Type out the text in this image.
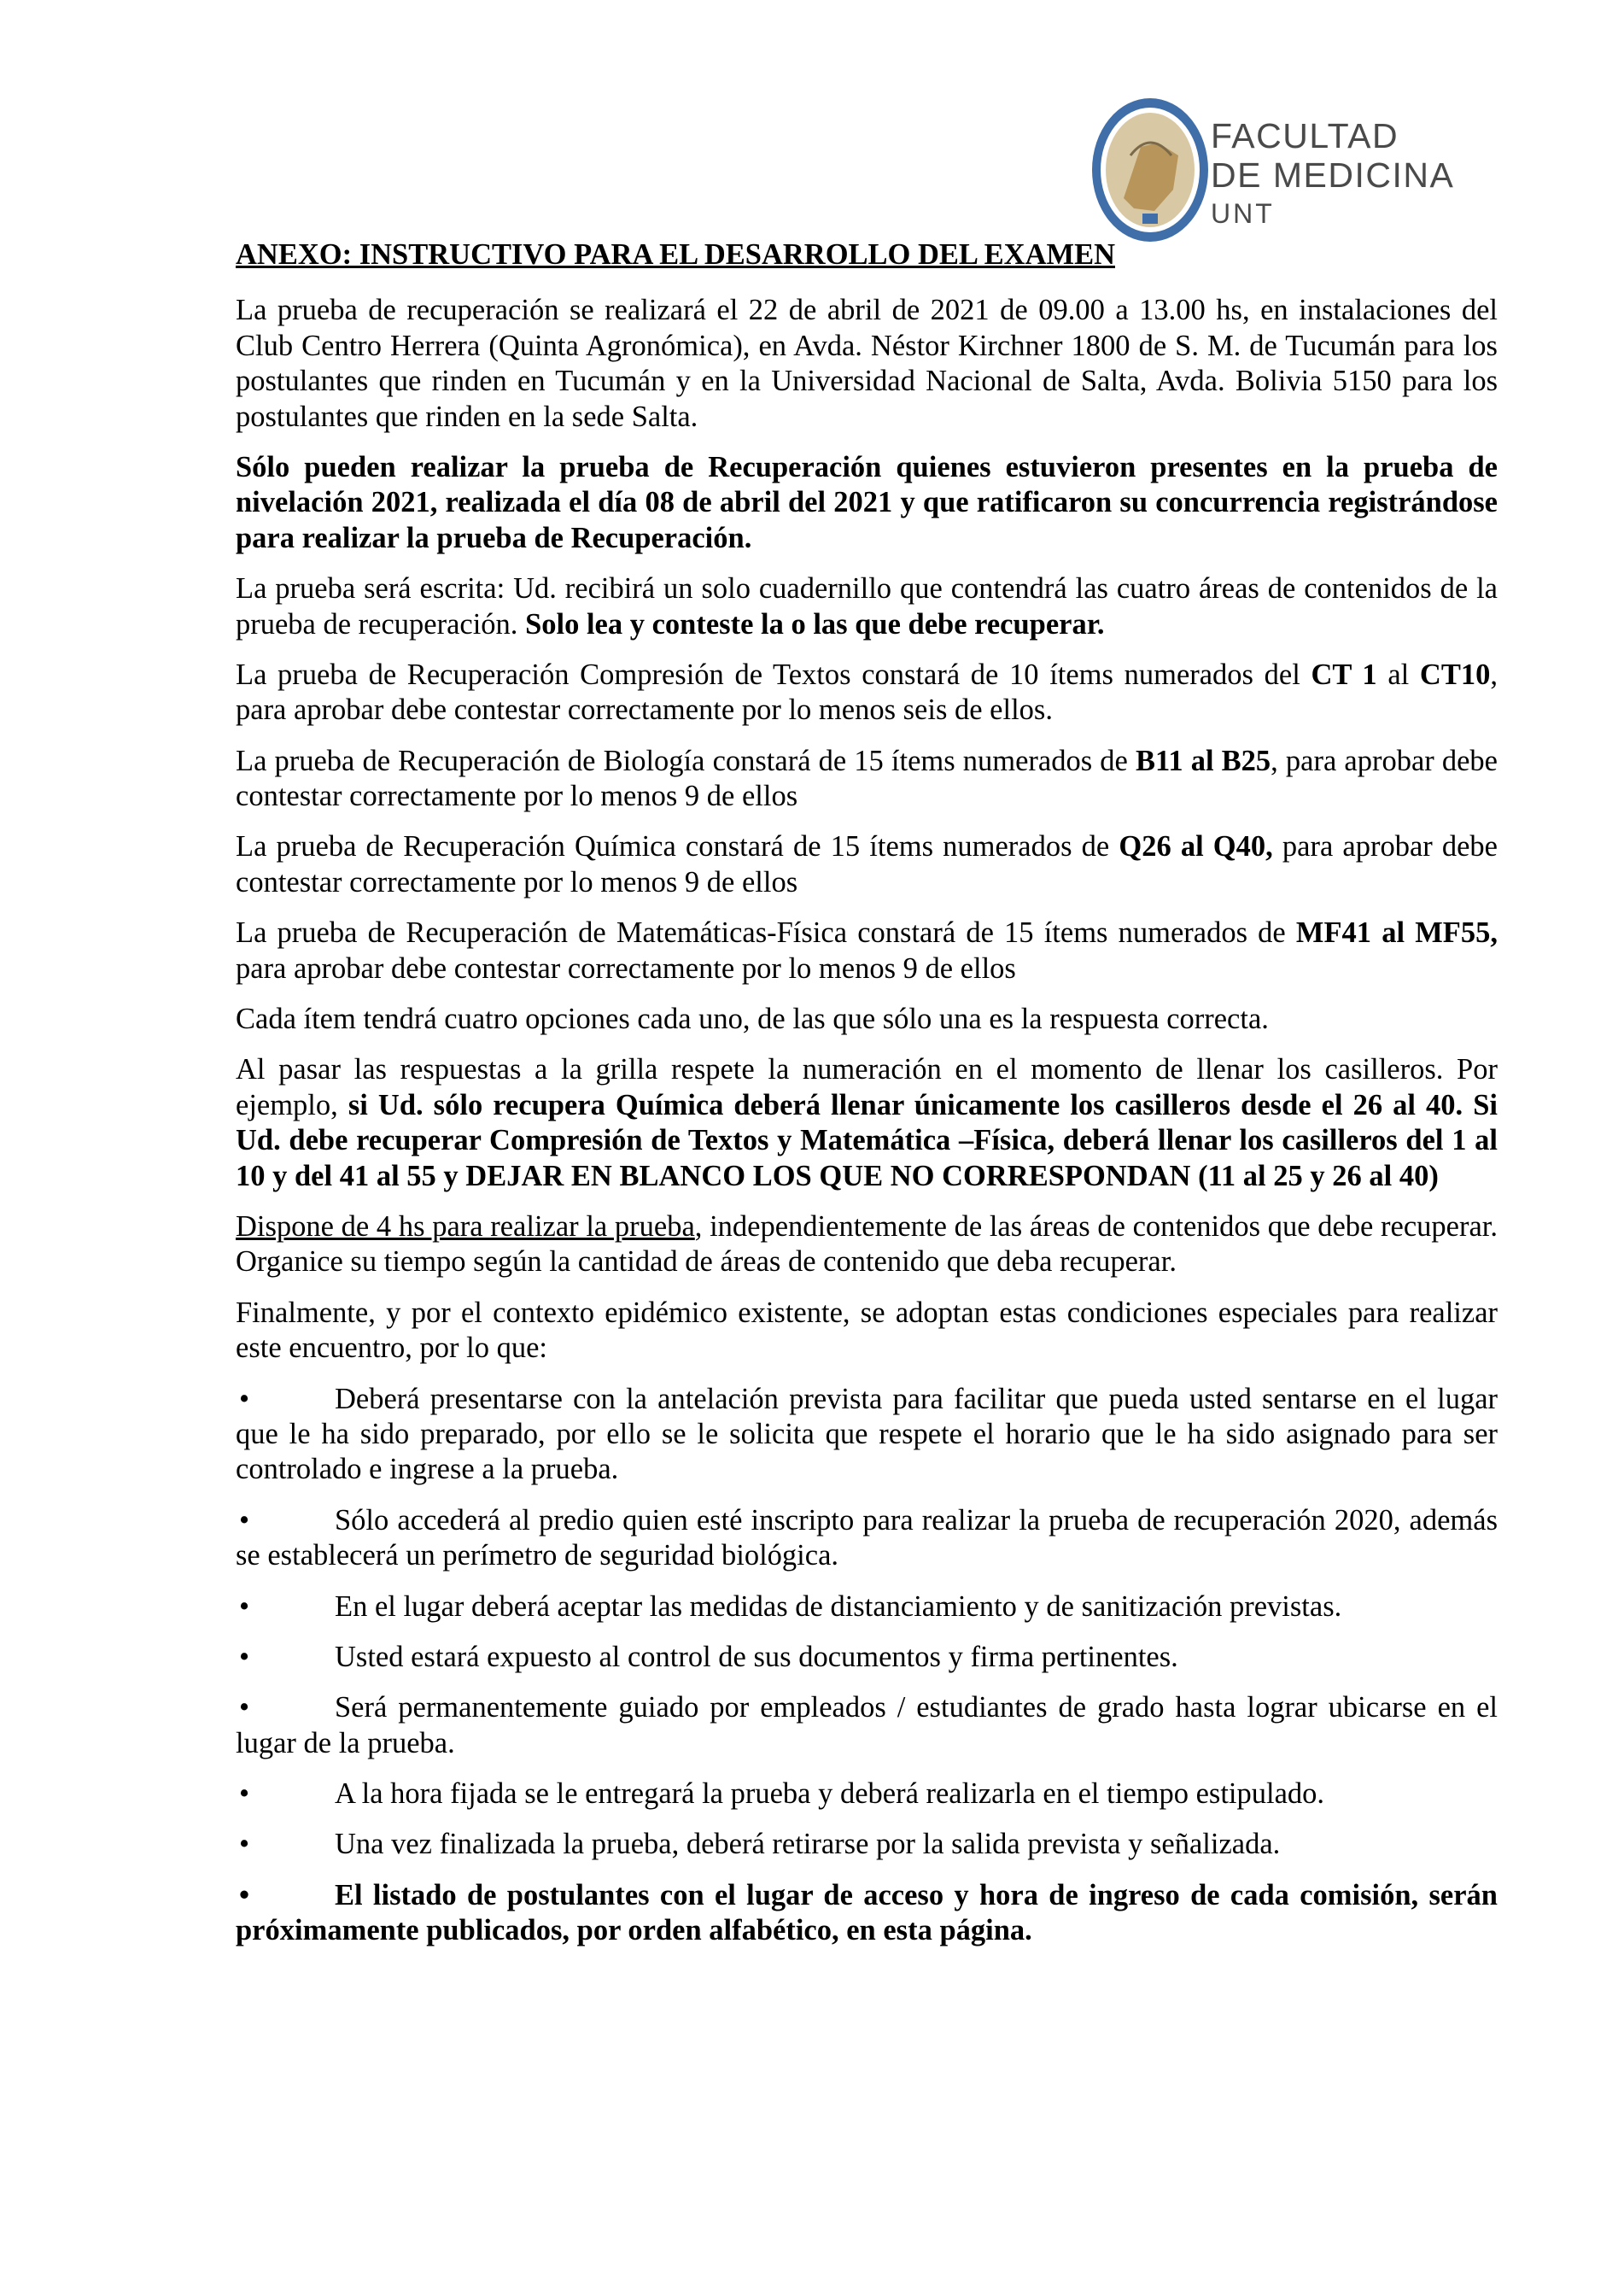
FACULTAD
DE MEDICINA
UNT
ANEXO: INSTRUCTIVO PARA EL DESARROLLO DEL EXAMEN

La prueba de recuperación se realizará el 22 de abril de 2021 de 09.00 a 13.00 hs, en instalaciones del Club Centro Herrera (Quinta Agronómica), en Avda. Néstor Kirchner 1800 de S. M. de Tucumán para los postulantes que rinden en Tucumán y en la Universidad Nacional de Salta, Avda. Bolivia 5150 para los postulantes que rinden en la sede Salta.

Sólo pueden realizar la prueba de Recuperación quienes estuvieron presentes en la prueba de nivelación 2021, realizada el día 08 de abril del 2021 y que ratificaron su concurrencia registrándose para realizar la prueba de Recuperación.

La prueba será escrita: Ud. recibirá un solo cuadernillo que contendrá las cuatro áreas de contenidos de la prueba de recuperación. Solo lea y conteste la o las que debe recuperar.

La prueba de Recuperación Compresión de Textos constará de 10 ítems numerados del CT 1 al CT10, para aprobar debe contestar correctamente por lo menos seis de ellos.

La prueba de Recuperación de Biología constará de 15 ítems numerados de B11 al B25, para aprobar debe contestar correctamente por lo menos 9 de ellos

La prueba de Recuperación Química constará de 15 ítems numerados de Q26 al Q40, para aprobar debe contestar correctamente por lo menos 9 de ellos

La prueba de Recuperación de Matemáticas-Física constará de 15 ítems numerados de MF41 al MF55, para aprobar debe contestar correctamente por lo menos 9 de ellos

Cada ítem tendrá cuatro opciones cada uno, de las que sólo una es la respuesta correcta.

Al pasar las respuestas a la grilla respete la numeración en el momento de llenar los casilleros. Por ejemplo, si Ud. sólo recupera Química deberá llenar únicamente los casilleros desde el 26 al 40. Si Ud. debe recuperar Compresión de Textos y Matemática –Física, deberá llenar los casilleros del 1 al 10 y del 41 al 55 y DEJAR EN BLANCO LOS QUE NO CORRESPONDAN (11 al 25 y 26 al 40)

Dispone de 4 hs para realizar la prueba, independientemente de las áreas de contenidos que debe recuperar. Organice su tiempo según la cantidad de áreas de contenido que deba recuperar.

Finalmente, y por el contexto epidémico existente, se adoptan estas condiciones especiales para realizar este encuentro, por lo que:

•	Deberá presentarse con la antelación prevista para facilitar que pueda usted sentarse en el lugar que le ha sido preparado, por ello se le solicita que respete el horario que le ha sido asignado para ser controlado e ingrese a la prueba.

•	Sólo accederá al predio quien esté inscripto para realizar la prueba de recuperación 2020, además se establecerá un perímetro de seguridad biológica.

•	En el lugar deberá aceptar las medidas de distanciamiento y de sanitización previstas.

•	Usted estará expuesto al control de sus documentos y firma pertinentes.

•	Será permanentemente guiado por empleados / estudiantes de grado hasta lograr ubicarse en el lugar de la prueba.

•	A la hora fijada se le entregará la prueba y deberá realizarla en el tiempo estipulado.

•	Una vez finalizada la prueba, deberá retirarse por la salida prevista y señalizada.

•	El listado de postulantes con el lugar de acceso y hora de ingreso de cada comisión, serán próximamente publicados, por orden alfabético, en esta página.
